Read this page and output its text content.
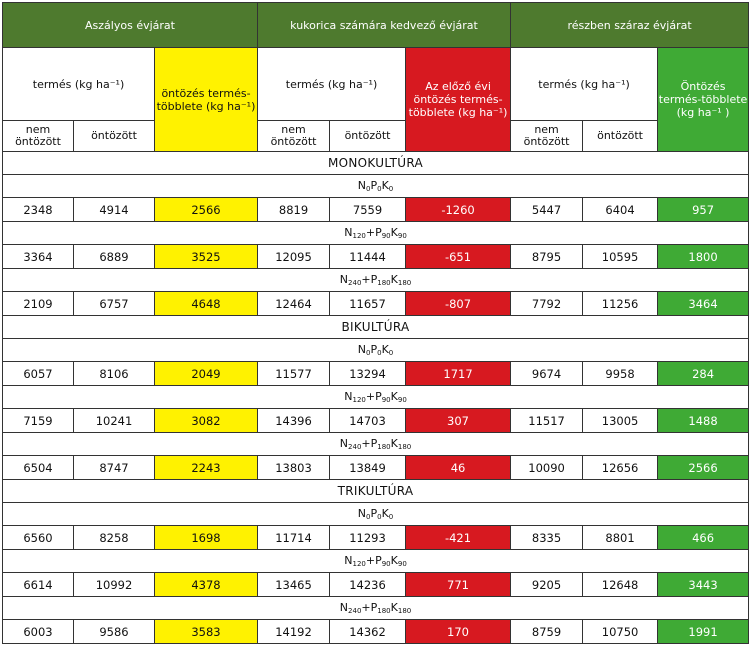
Aszályos évjárat			kukorica számára kedvező évjárat			részben száraz évjárat		
termés (kg ha⁻¹)		öntözés termés-többlete (kg ha⁻¹)	termés (kg ha⁻¹)		Az előző évi öntözés termés-többlete (kg ha⁻¹)	termés (kg ha⁻¹)		Öntözés termés-többlete (kg ha⁻¹ )
nem öntözött	öntözött		nem öntözött	öntözött		nem öntözött	öntözött	
MONOKULTÚRA								
$N_0P_0K_0$
2348	4914	2566	8819	7559	-1260	5447	6404	957
$N_{120}+P_{90}K_{90}$
3364	6889	3525	12095	11444	-651	8795	10595	1800
$N_{240}+P_{180}K_{180}$
2109	6757	4648	12464	11657	-807	7792	11256	3464
BIKULTÚRA								
$N_0P_0K_0$
6057	8106	2049	11577	13294	1717	9674	9958	284
$N_{120}+P_{90}K_{90}$
7159	10241	3082	14396	14703	307	11517	13005	1488
$N_{240}+P_{180}K_{180}$
6504	8747	2243	13803	13849	46	10090	12656	2566
TRIKULTÚRA								
$N_0P_0K_0$
6560	8258	1698	11714	11293	-421	8335	8801	466
$N_{120}+P_{90}K_{90}$
6614	10992	4378	13465	14236	771	9205	12648	3443
$N_{240}+P_{180}K_{180}$
6003	9586	3583	14192	14362	170	8759	10750	1991
